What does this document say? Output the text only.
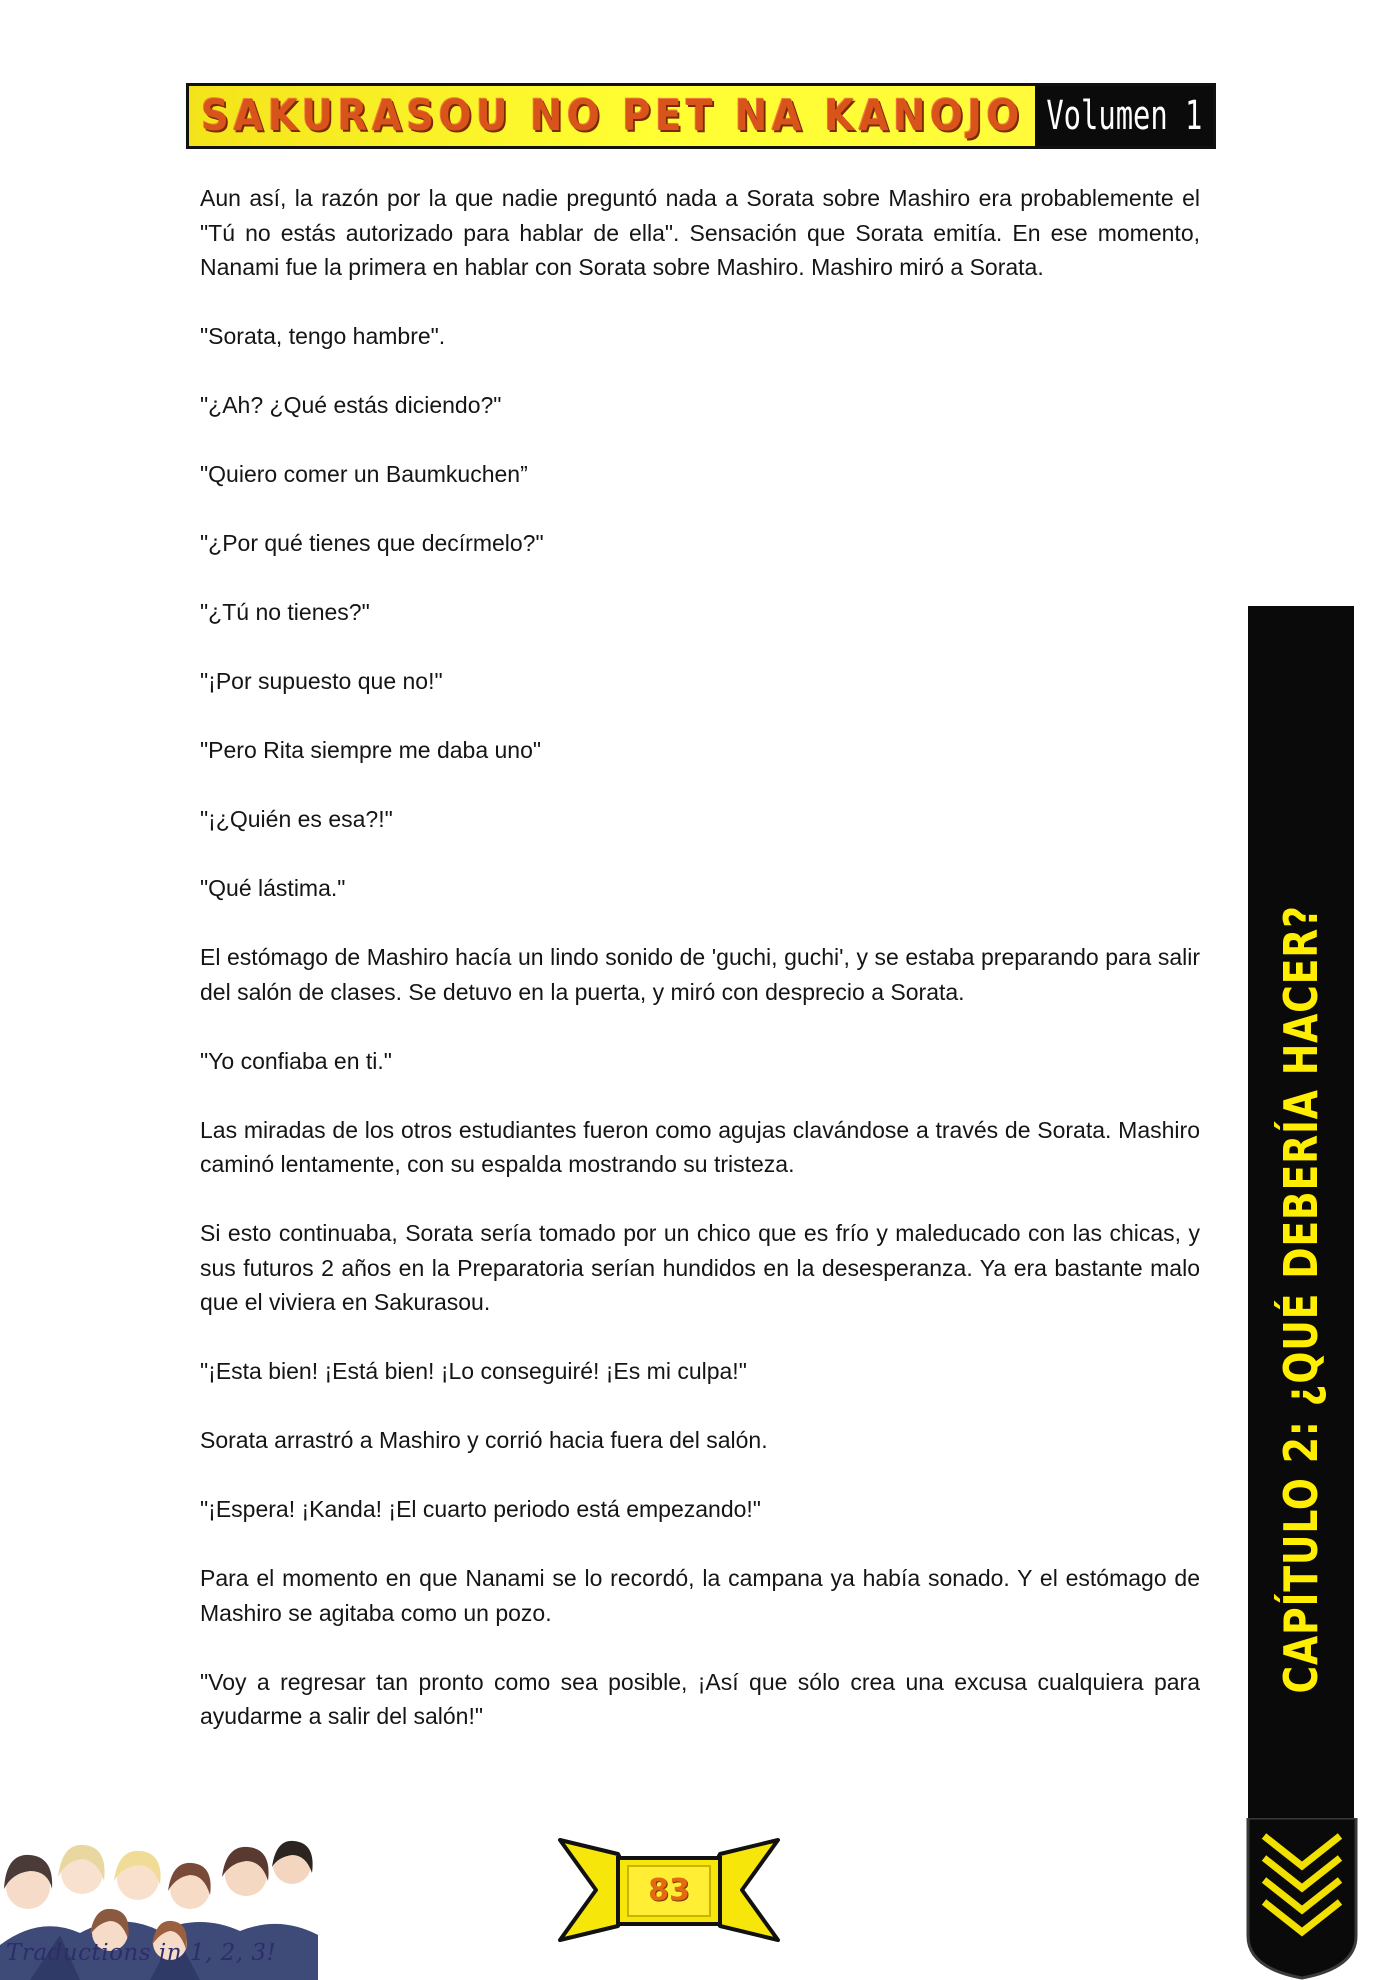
SAKURASOU NO PET NA KANOJO Volumen 1

Aun así, la razón por la que nadie preguntó nada a Sorata sobre Mashiro era probablemente el "Tú no estás autorizado para hablar de ella". Sensación que Sorata emitía. En ese momento, Nanami fue la primera en hablar con Sorata sobre Mashiro. Mashiro miró a Sorata.

"Sorata, tengo hambre".

"¿Ah? ¿Qué estás diciendo?"

"Quiero comer un Baumkuchen”

"¿Por qué tienes que decírmelo?"

"¿Tú no tienes?"

"¡Por supuesto que no!"

"Pero Rita siempre me daba uno"

"¡¿Quién es esa?!"

"Qué lástima."

El estómago de Mashiro hacía un lindo sonido de 'guchi, guchi', y se estaba preparando para salir del salón de clases. Se detuvo en la puerta, y miró con desprecio a Sorata.

"Yo confiaba en ti."

Las miradas de los otros estudiantes fueron como agujas clavándose a través de Sorata. Mashiro caminó lentamente, con su espalda mostrando su tristeza.

Si esto continuaba, Sorata sería tomado por un chico que es frío y maleducado con las chicas, y sus futuros 2 años en la Preparatoria serían hundidos en la desesperanza. Ya era bastante malo que el viviera en Sakurasou.

"¡Esta bien! ¡Está bien! ¡Lo conseguiré! ¡Es mi culpa!"

Sorata arrastró a Mashiro y corrió hacia fuera del salón.

"¡Espera! ¡Kanda! ¡El cuarto periodo está empezando!"

Para el momento en que Nanami se lo recordó, la campana ya había sonado. Y el estómago de Mashiro se agitaba como un pozo.

"Voy a regresar tan pronto como sea posible, ¡Así que sólo crea una excusa cualquiera para ayudarme a salir del salón!"

CAPÍTULO 2: ¿QUÉ DEBERÍA HACER?
83
Traductions in 1, 2, 3!
